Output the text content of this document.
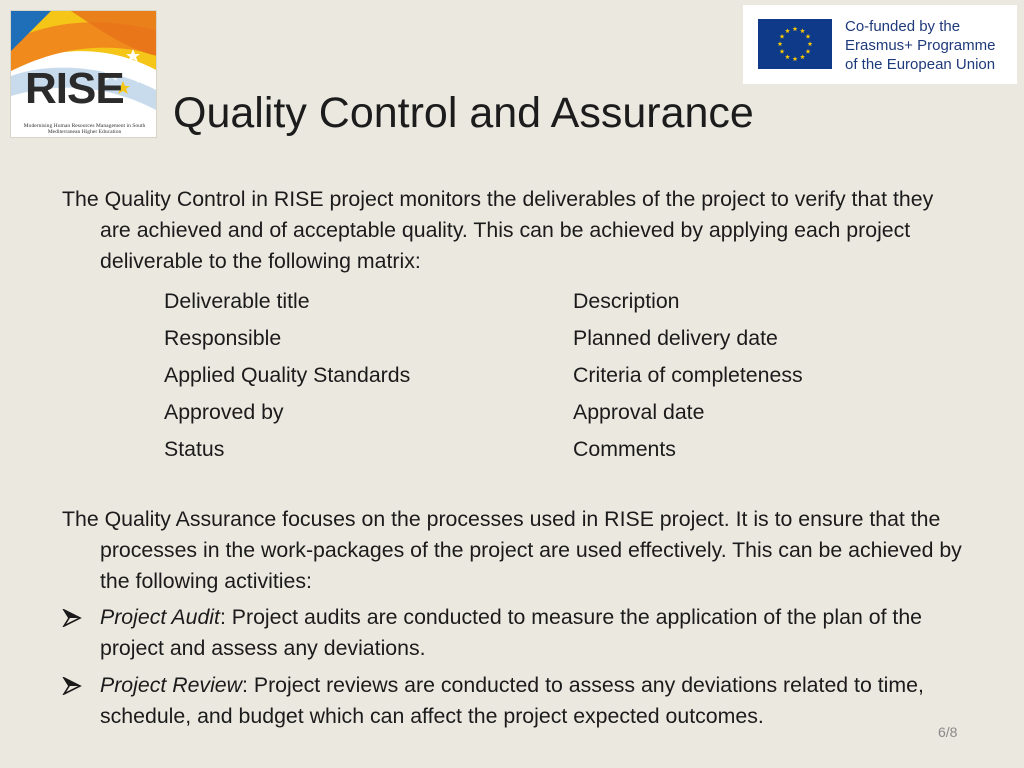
RISE
Modernising Human Resources Management in South Mediterranean Higher Education
Co-funded by the
Erasmus+ Programme
of the European Union
Quality Control and Assurance
The Quality Control in RISE project monitors the deliverables of the project to verify that they are achieved and of acceptable quality. This can be achieved by applying each project deliverable to the following matrix:
Deliverable title	Description
Responsible	Planned delivery date
Applied Quality Standards	Criteria of completeness
Approved by	Approval date
Status	Comments
The Quality Assurance focuses on the processes used in RISE project. It is to ensure that the processes in the work-packages of the project are used effectively. This can be achieved by the following activities:
Project Audit: Project audits are conducted to measure the application of the plan of the project and assess any deviations.
Project Review: Project reviews are conducted to assess any deviations related to time, schedule, and budget which can affect the project expected outcomes.
6/8
